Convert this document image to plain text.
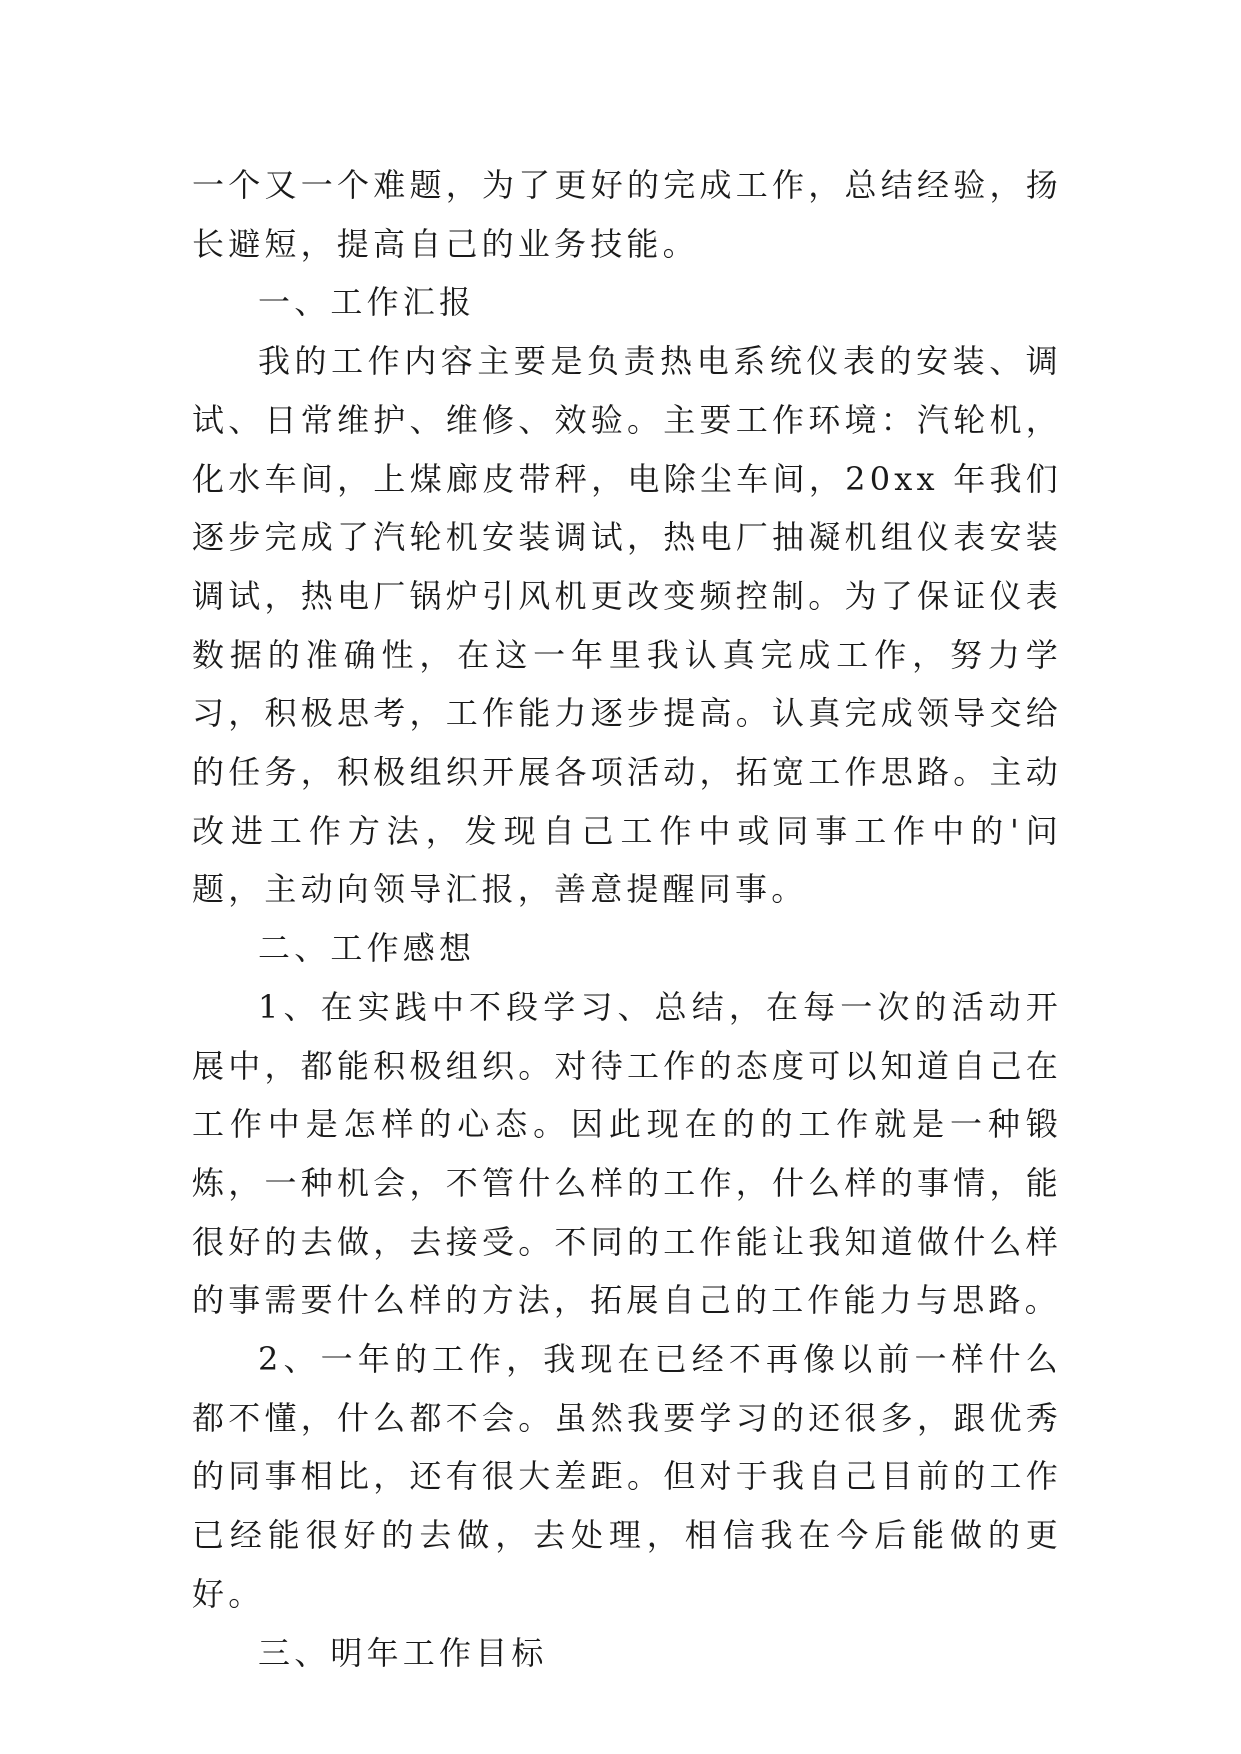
一个又一个难题，为了更好的完成工作，总结经验，扬长避短，提高自己的业务技能。

一、工作汇报

我的工作内容主要是负责热电系统仪表的安装、调试、日常维护、维修、效验。主要工作环境：汽轮机，化水车间，上煤廊皮带秤，电除尘车间，20xx 年我们逐步完成了汽轮机安装调试，热电厂抽凝机组仪表安装调试，热电厂锅炉引风机更改变频控制。为了保证仪表数据的准确性，在这一年里我认真完成工作，努力学习，积极思考，工作能力逐步提高。认真完成领导交给的任务，积极组织开展各项活动，拓宽工作思路。主动改进工作方法，发现自己工作中或同事工作中的'问题，主动向领导汇报，善意提醒同事。

二、工作感想

1、在实践中不段学习、总结，在每一次的活动开展中，都能积极组织。对待工作的态度可以知道自己在工作中是怎样的心态。因此现在的的工作就是一种锻炼，一种机会，不管什么样的工作，什么样的事情，能很好的去做，去接受。不同的工作能让我知道做什么样的事需要什么样的方法，拓展自己的工作能力与思路。

2、一年的工作，我现在已经不再像以前一样什么都不懂，什么都不会。虽然我要学习的还很多，跟优秀的同事相比，还有很大差距。但对于我自己目前的工作已经能很好的去做，去处理，相信我在今后能做的更好。

三、明年工作目标
